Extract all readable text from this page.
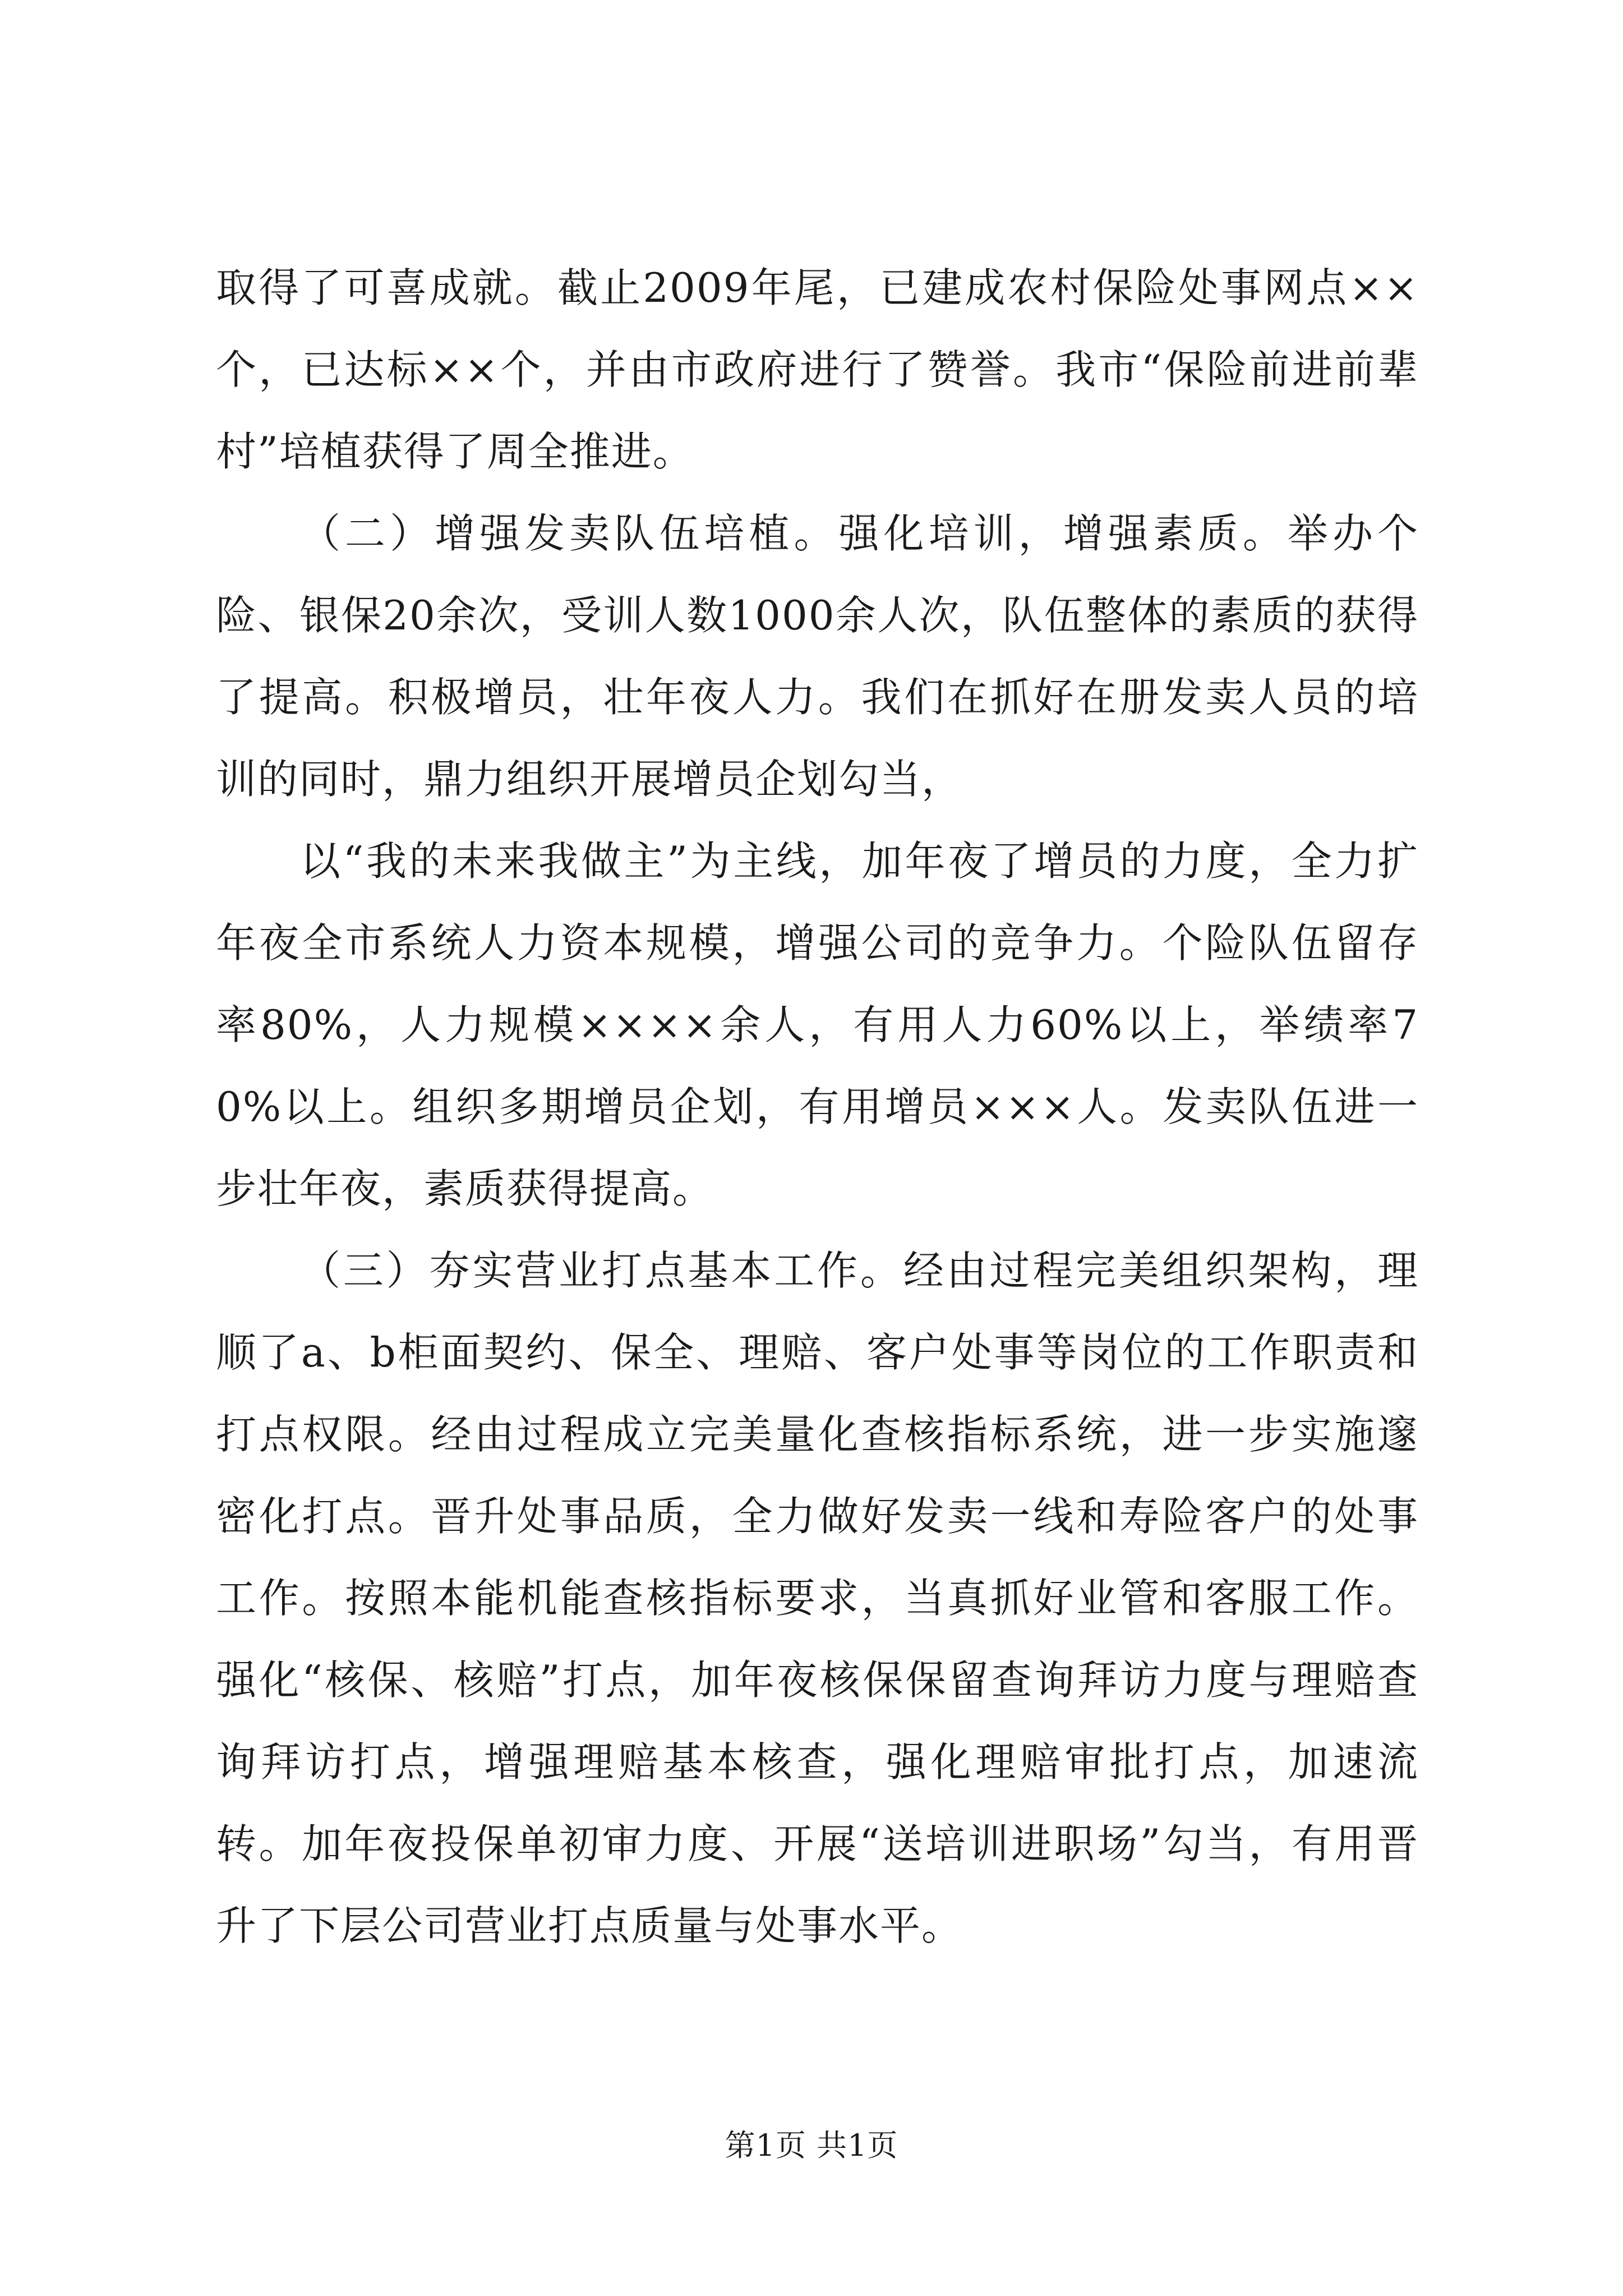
取得了可喜成就。截止2009年尾，已建成农村保险处事网点××个，已达标××个，并由市政府进行了赞誉。我市“保险前进前辈村”培植获得了周全推进。

（二）增强发卖队伍培植。强化培训，增强素质。举办个险、银保20余次，受训人数1000余人次，队伍整体的素质的获得了提高。积极增员，壮年夜人力。我们在抓好在册发卖人员的培训的同时，鼎力组织开展增员企划勾当，

以“我的未来我做主”为主线，加年夜了增员的力度，全力扩年夜全市系统人力资本规模，增强公司的竞争力。个险队伍留存率80%，人力规模××××余人，有用人力60%以上，举绩率70%以上。组织多期增员企划，有用增员×××人。发卖队伍进一步壮年夜，素质获得提高。

（三）夯实营业打点基本工作。经由过程完美组织架构，理顺了a、b柜面契约、保全、理赔、客户处事等岗位的工作职责和打点权限。经由过程成立完美量化查核指标系统，进一步实施邃密化打点。晋升处事品质，全力做好发卖一线和寿险客户的处事工作。按照本能机能查核指标要求，当真抓好业管和客服工作。强化“核保、核赔”打点，加年夜核保保留查询拜访力度与理赔查询拜访打点，增强理赔基本核查，强化理赔审批打点，加速流转。加年夜投保单初审力度、开展“送培训进职场”勾当，有用晋升了下层公司营业打点质量与处事水平。

第1页 共1页
